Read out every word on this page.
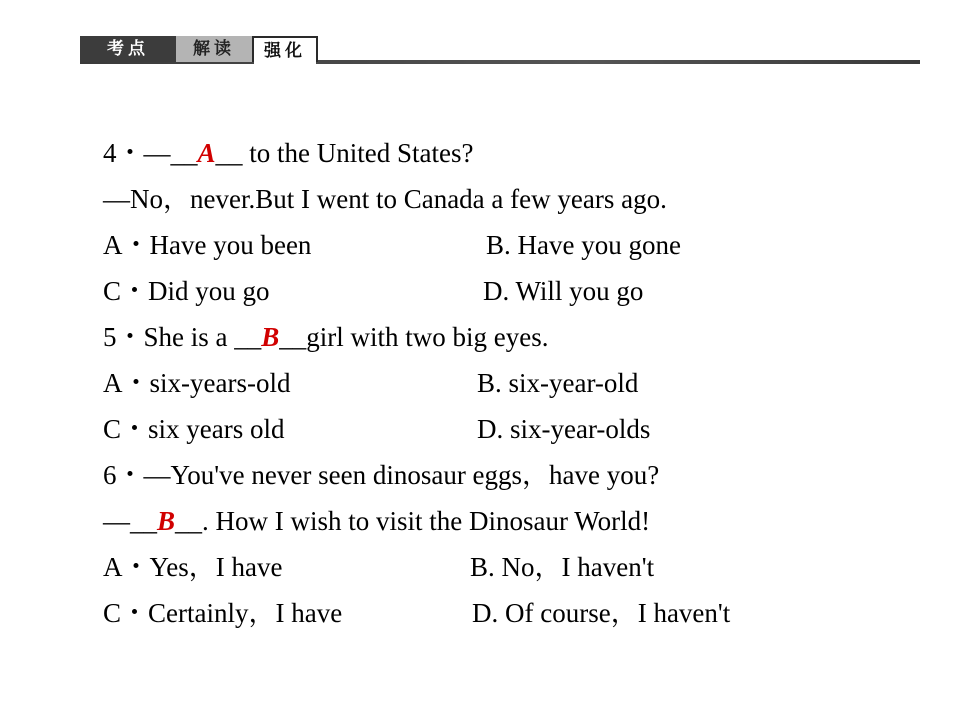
考点	解读	强化
4・—__A__ to the United States?
—No，never.But I went to Canada a few years ago.
A・Have you been	B. Have you gone
C・Did you go	D. Will you go
5・She is a __B__girl with two big eyes.
A・six-years-old	B. six-year-old
C・six years old	D. six-year-olds
6・—You've never seen dinosaur eggs，have you?
—__B__. How I wish to visit the Dinosaur World!
A・Yes，I have	B. No，I haven't
C・Certainly，I have	D. Of course，I haven't
